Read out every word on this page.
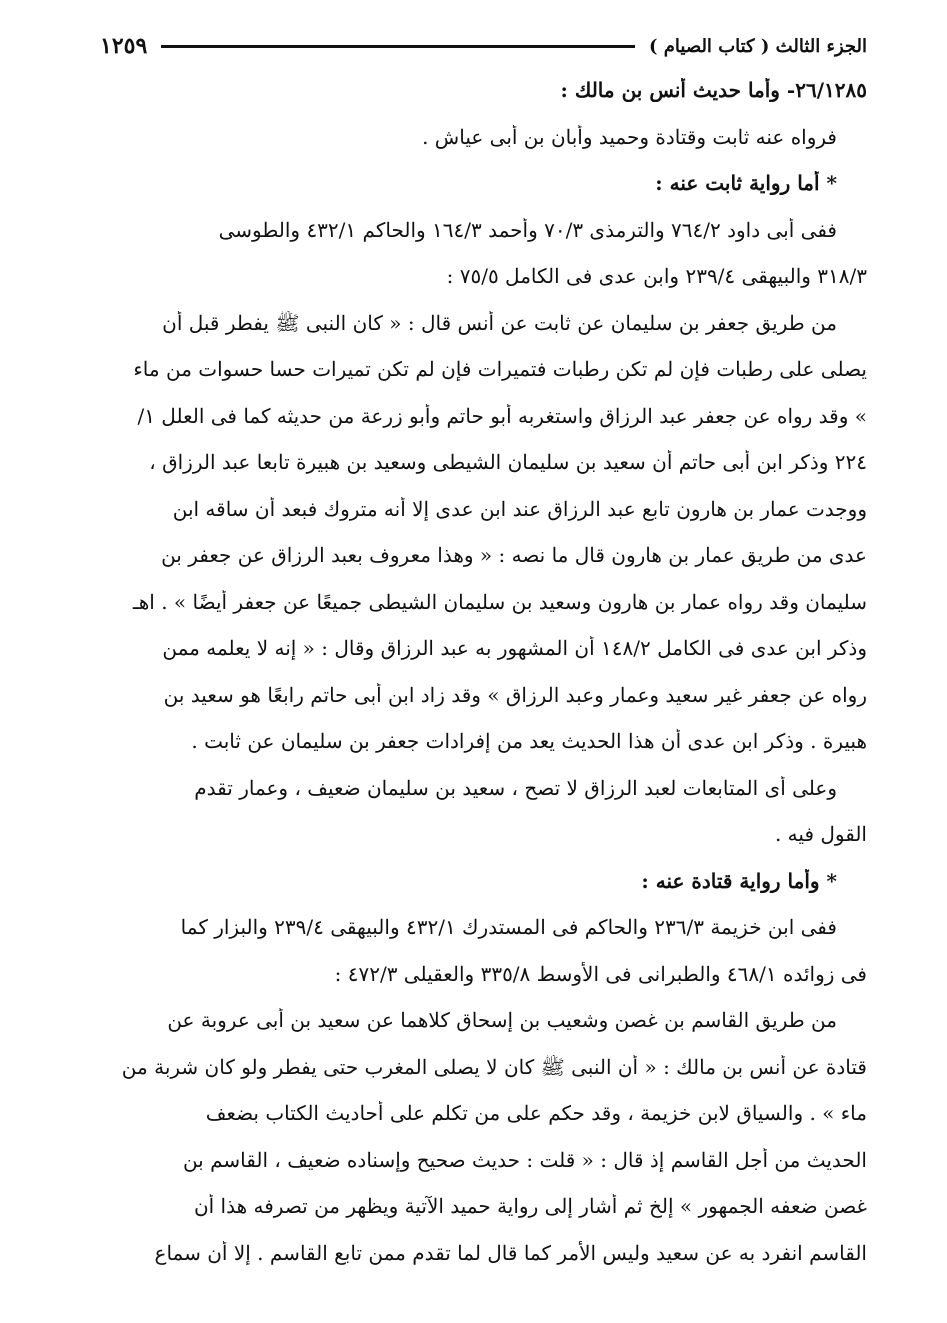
الجزء الثالث ( كتاب الصيام )
١٢٥٩
٢٦/١٢٨٥- وأما حديث أنس بن مالك :
فرواه عنه ثابت وقتادة وحميد وأبان بن أبى عياش .
* أما رواية ثابت عنه :
ففى أبى داود ٧٦٤/٢ والترمذى ٧٠/٣ وأحمد ١٦٤/٣ والحاكم ٤٣٢/١ والطوسى
٣١٨/٣ والبيهقى ٢٣٩/٤ وابن عدى فى الكامل ٧٥/٥ :
من طريق جعفر بن سليمان عن ثابت عن أنس قال : « كان النبى ﷺ يفطر قبل أن
يصلى على رطبات فإن لم تكن رطبات فتميرات فإن لم تكن تميرات حسا حسوات من ماء
» وقد رواه عن جعفر عبد الرزاق واستغربه أبو حاتم وأبو زرعة من حديثه كما فى العلل ١/
٢٢٤ وذكر ابن أبى حاتم أن سعيد بن سليمان الشيطى وسعيد بن هبيرة تابعا عبد الرزاق ،
ووجدت عمار بن هارون تابع عبد الرزاق عند ابن عدى إلا أنه متروك فبعد أن ساقه ابن
عدى من طريق عمار بن هارون قال ما نصه : « وهذا معروف بعبد الرزاق عن جعفر بن
سليمان وقد رواه عمار بن هارون وسعيد بن سليمان الشيطى جميعًا عن جعفر أيضًا » . اهـ
وذكر ابن عدى فى الكامل ١٤٨/٢ أن المشهور به عبد الرزاق وقال : « إنه لا يعلمه ممن
رواه عن جعفر غير سعيد وعمار وعبد الرزاق » وقد زاد ابن أبى حاتم رابعًا هو سعيد بن
هبيرة . وذكر ابن عدى أن هذا الحديث يعد من إفرادات جعفر بن سليمان عن ثابت .
وعلى أى المتابعات لعبد الرزاق لا تصح ، سعيد بن سليمان ضعيف ، وعمار تقدم
القول فيه .
* وأما رواية قتادة عنه :
ففى ابن خزيمة ٢٣٦/٣ والحاكم فى المستدرك ٤٣٢/١ والبيهقى ٢٣٩/٤ والبزار كما
فى زوائده ٤٦٨/١ والطبرانى فى الأوسط ٣٣٥/٨ والعقيلى ٤٧٢/٣ :
من طريق القاسم بن غصن وشعيب بن إسحاق كلاهما عن سعيد بن أبى عروبة عن
قتادة عن أنس بن مالك : « أن النبى ﷺ كان لا يصلى المغرب حتى يفطر ولو كان شربة من
ماء » . والسياق لابن خزيمة ، وقد حكم على من تكلم على أحاديث الكتاب بضعف
الحديث من أجل القاسم إذ قال : « قلت : حديث صحيح وإسناده ضعيف ، القاسم بن
غصن ضعفه الجمهور » إلخ ثم أشار إلى رواية حميد الآتية ويظهر من تصرفه هذا أن
القاسم انفرد به عن سعيد وليس الأمر كما قال لما تقدم ممن تابع القاسم . إلا أن سماع
